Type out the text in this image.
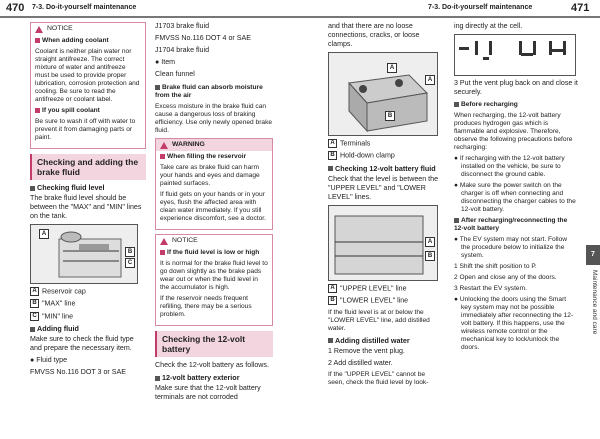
470 7-3. Do-it-yourself maintenance	7-3. Do-it-yourself maintenance	471
NOTICE

When adding coolant

Coolant is neither plain water nor straight antifreeze. The correct mixture of water and antifreeze must be used to provide proper lubrication, corrosion protection and cooling. Be sure to read the antifreeze or coolant label.

If you spill coolant

Be sure to wash it off with water to prevent it from damaging parts or paint.

Checking and adding the brake fluid
Checking fluid level

The brake fluid level should be between the "MAX" and "MIN" lines on the tank.

A
B
C

A Reservoir cap

B "MAX" line

C "MIN" line

Adding fluid

Make sure to check the fluid type and prepare the necessary item.

● Fluid type

FMVSS No.116 DOT 3 or SAE

J1703 brake fluid

FMVSS No.116 DOT 4 or SAE

J1704 brake fluid

● Item

Clean funnel

Brake fluid can absorb moisture from the air

Excess moisture in the brake fluid can cause a dangerous loss of braking efficiency. Use only newly opened brake fluid.

WARNING

When filling the reservoir

Take care as brake fluid can harm your hands and eyes and damage painted surfaces.

If fluid gets on your hands or in your eyes, flush the affected area with clean water immediately. If you still experience discomfort, see a doctor.

NOTICE

If the fluid level is low or high

It is normal for the brake fluid level to go down slightly as the brake pads wear out or when the fluid level in the accumulator is high.

If the reservoir needs frequent refilling, there may be a serious problem.

Checking the 12-volt battery

Check the 12-volt battery as follows.

12-volt battery exterior

Make sure that the 12-volt battery terminals are not corroded

and that there are no loose connections, cracks, or loose clamps.

A
A
B

A Terminals

B Hold-down clamp

Checking 12-volt battery fluid

Check that the level is between the "UPPER LEVEL" and "LOWER LEVEL" lines.

A
B

A "UPPER LEVEL" line

B "LOWER LEVEL" line

If the fluid level is at or below the "LOWER LEVEL" line, add distilled water.

Adding distilled water

1 Remove the vent plug.

2 Add distilled water.

If the "UPPER LEVEL" cannot be seen, check the fluid level by look-

ing directly at the cell.

3 Put the vent plug back on and close it securely.

Before recharging

When recharging, the 12-volt battery produces hydrogen gas which is flammable and explosive. Therefore, observe the following precautions before recharging:

● If recharging with the 12-volt battery installed on the vehicle, be sure to disconnect the ground cable.

● Make sure the power switch on the charger is off when connecting and disconnecting the charger cables to the 12-volt battery.

After recharging/reconnecting the 12-volt battery

● The EV system may not start. Follow the procedure below to initialize the system.

1 Shift the shift position to P.

2 Open and close any of the doors.

3 Restart the EV system.

● Unlocking the doors using the Smart key system may not be possible immediately after reconnecting the 12-volt battery. If this happens, use the wireless remote control or the mechanical key to lock/unlock the doors.

7
Maintenance and care
